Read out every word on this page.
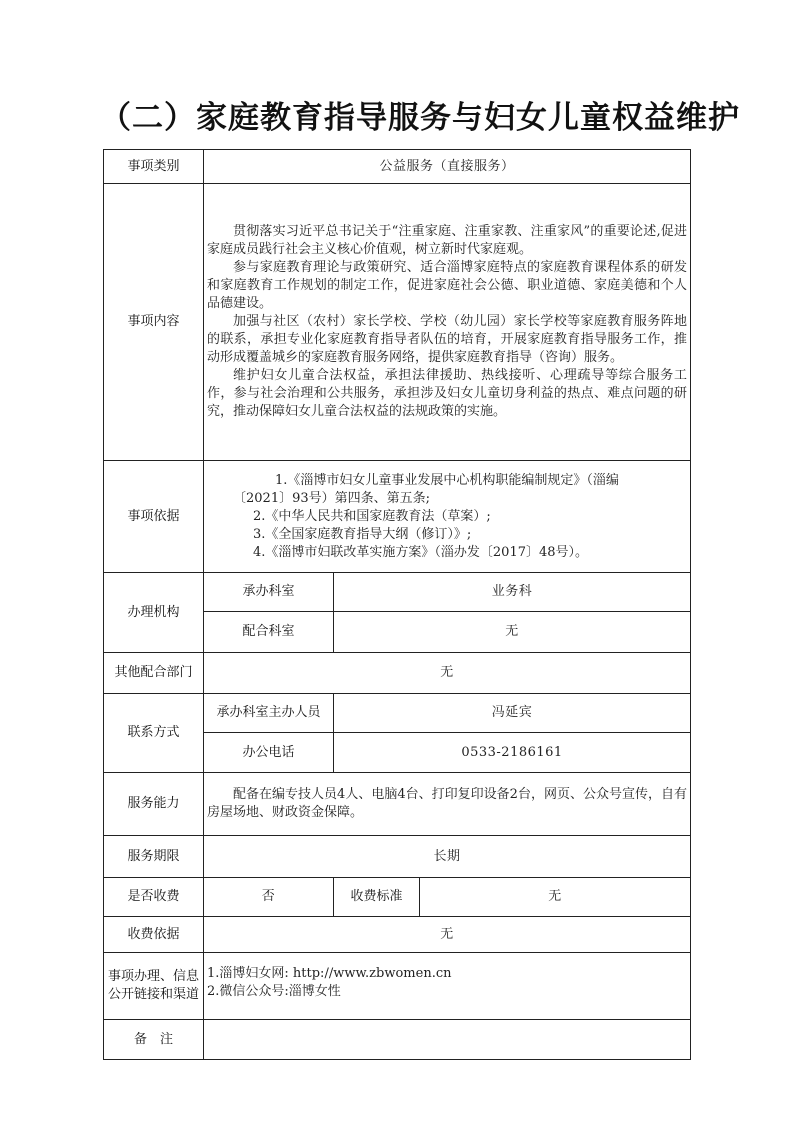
（二）家庭教育指导服务与妇女儿童权益维护
事项类别	公益服务（直接服务）		
事项内容	贯彻落实习近平总书记关于“注重家庭、注重家教、注重家风”的重要论述,促进家庭成员践行社会主义核心价值观，树立新时代家庭观。

参与家庭教育理论与政策研究、适合淄博家庭特点的家庭教育课程体系的研发和家庭教育工作规划的制定工作，促进家庭社会公德、职业道德、家庭美德和个人品德建设。

加强与社区（农村）家长学校、学校（幼儿园）家长学校等家庭教育服务阵地的联系，承担专业化家庭教育指导者队伍的培育，开展家庭教育指导服务工作，推动形成覆盖城乡的家庭教育服务网络，提供家庭教育指导（咨询）服务。

维护妇女儿童合法权益，承担法律援助、热线接听、心理疏导等综合服务工作，参与社会治理和公共服务，承担涉及妇女儿童切身利益的热点、难点问题的研究，推动保障妇女儿童合法权益的法规政策的实施。		

事项依据	1.《淄博市妇女儿童事业发展中心机构职能编制规定》（淄编

〔2021〕93号）第四条、第五条;

2.《中华人民共和国家庭教育法（草案）;

3.《全国家庭教育指导大纲（修订）》;

4.《淄博市妇联改革实施方案》（淄办发〔2017〕48号）。		

办理机构	承办科室	业务科	
	配合科室	无	
其他配合部门	无		
联系方式	承办科室主办人员	冯延宾	
	办公电话	0533-2186161	
服务能力	配备在编专技人员4人、电脑4台、打印复印设备2台，网页、公众号宣传，自有房屋场地、财政资金保障。		

服务期限	长期		
是否收费	否	收费标准	无
收费依据	无		
事项办理、信息公开链接和渠道	1.淄博妇女网: http://www.zbwomen.cn

2.微信公众号:淄博女性		

备　注			
